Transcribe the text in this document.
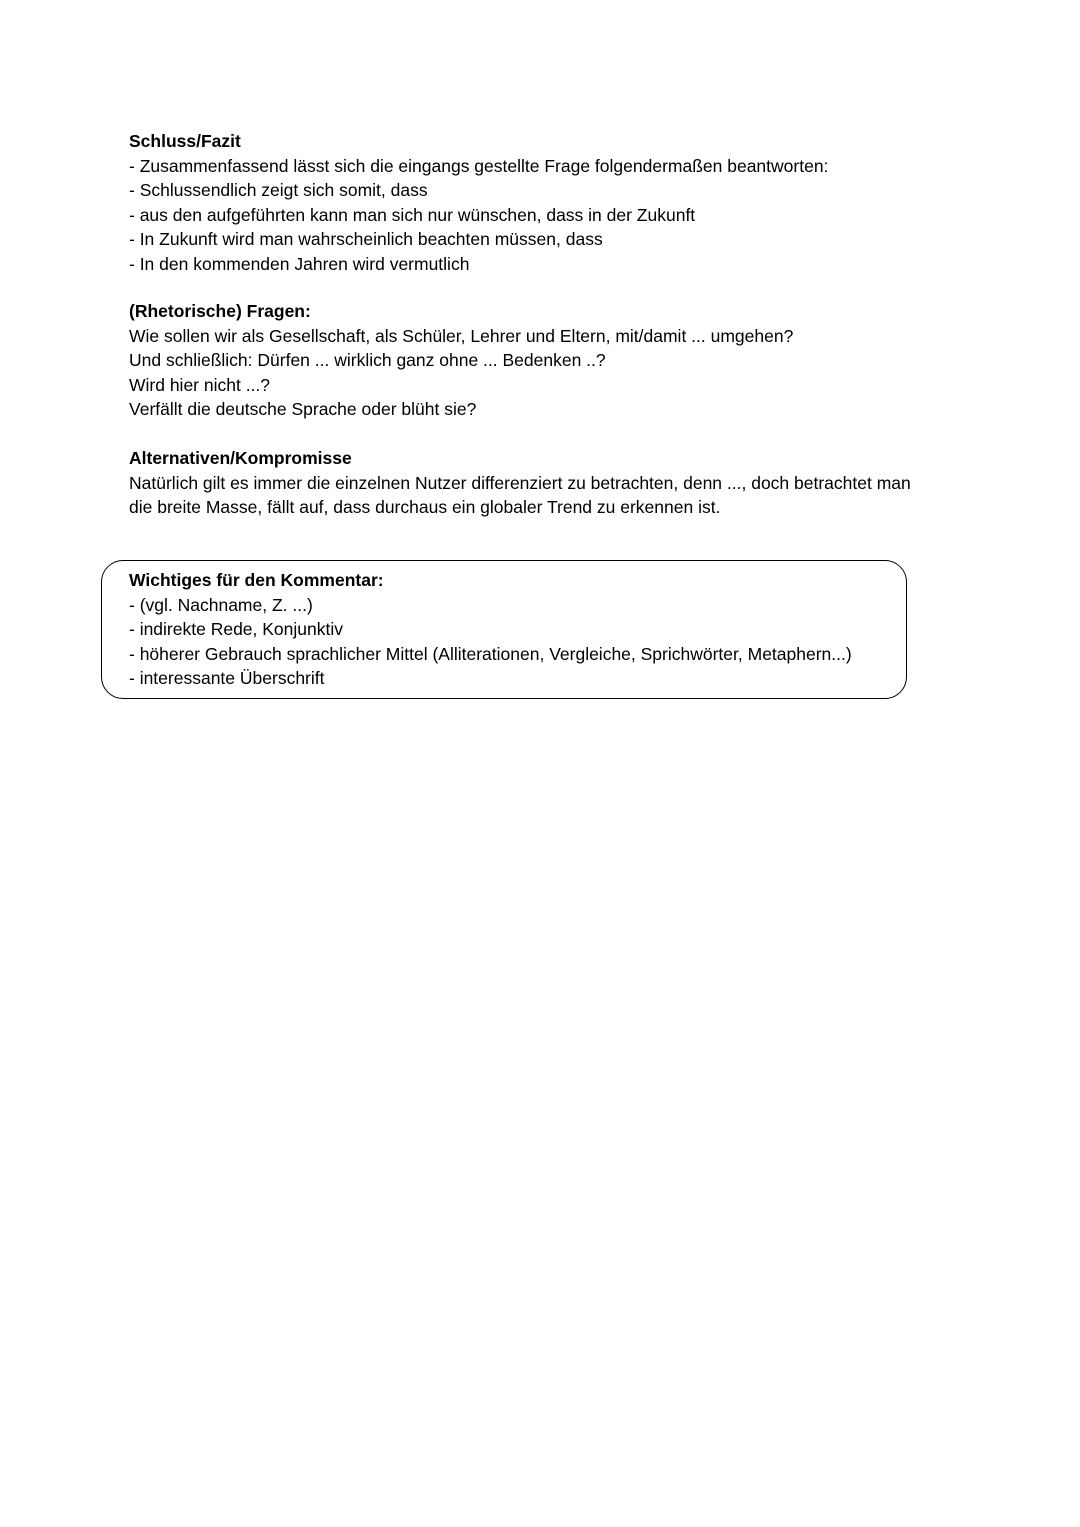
Schluss/Fazit
- Zusammenfassend lässt sich die eingangs gestellte Frage folgendermaßen beantworten:
- Schlussendlich zeigt sich somit, dass
- aus den aufgeführten kann man sich nur wünschen, dass in der Zukunft
- In Zukunft wird man wahrscheinlich beachten müssen, dass
- In den kommenden Jahren wird vermutlich
(Rhetorische) Fragen:
Wie sollen wir als Gesellschaft, als Schüler, Lehrer und Eltern, mit/damit ... umgehen?
Und schließlich: Dürfen ... wirklich ganz ohne ... Bedenken ..?
Wird hier nicht ...?
Verfällt die deutsche Sprache oder blüht sie?
Alternativen/Kompromisse
Natürlich gilt es immer die einzelnen Nutzer differenziert zu betrachten, denn ..., doch betrachtet man die breite Masse, fällt auf, dass durchaus ein globaler Trend zu erkennen ist.
Wichtiges für den Kommentar:
- (vgl. Nachname, Z. ...)
- indirekte Rede, Konjunktiv
- höherer Gebrauch sprachlicher Mittel (Alliterationen, Vergleiche, Sprichwörter, Metaphern...)
- interessante Überschrift
